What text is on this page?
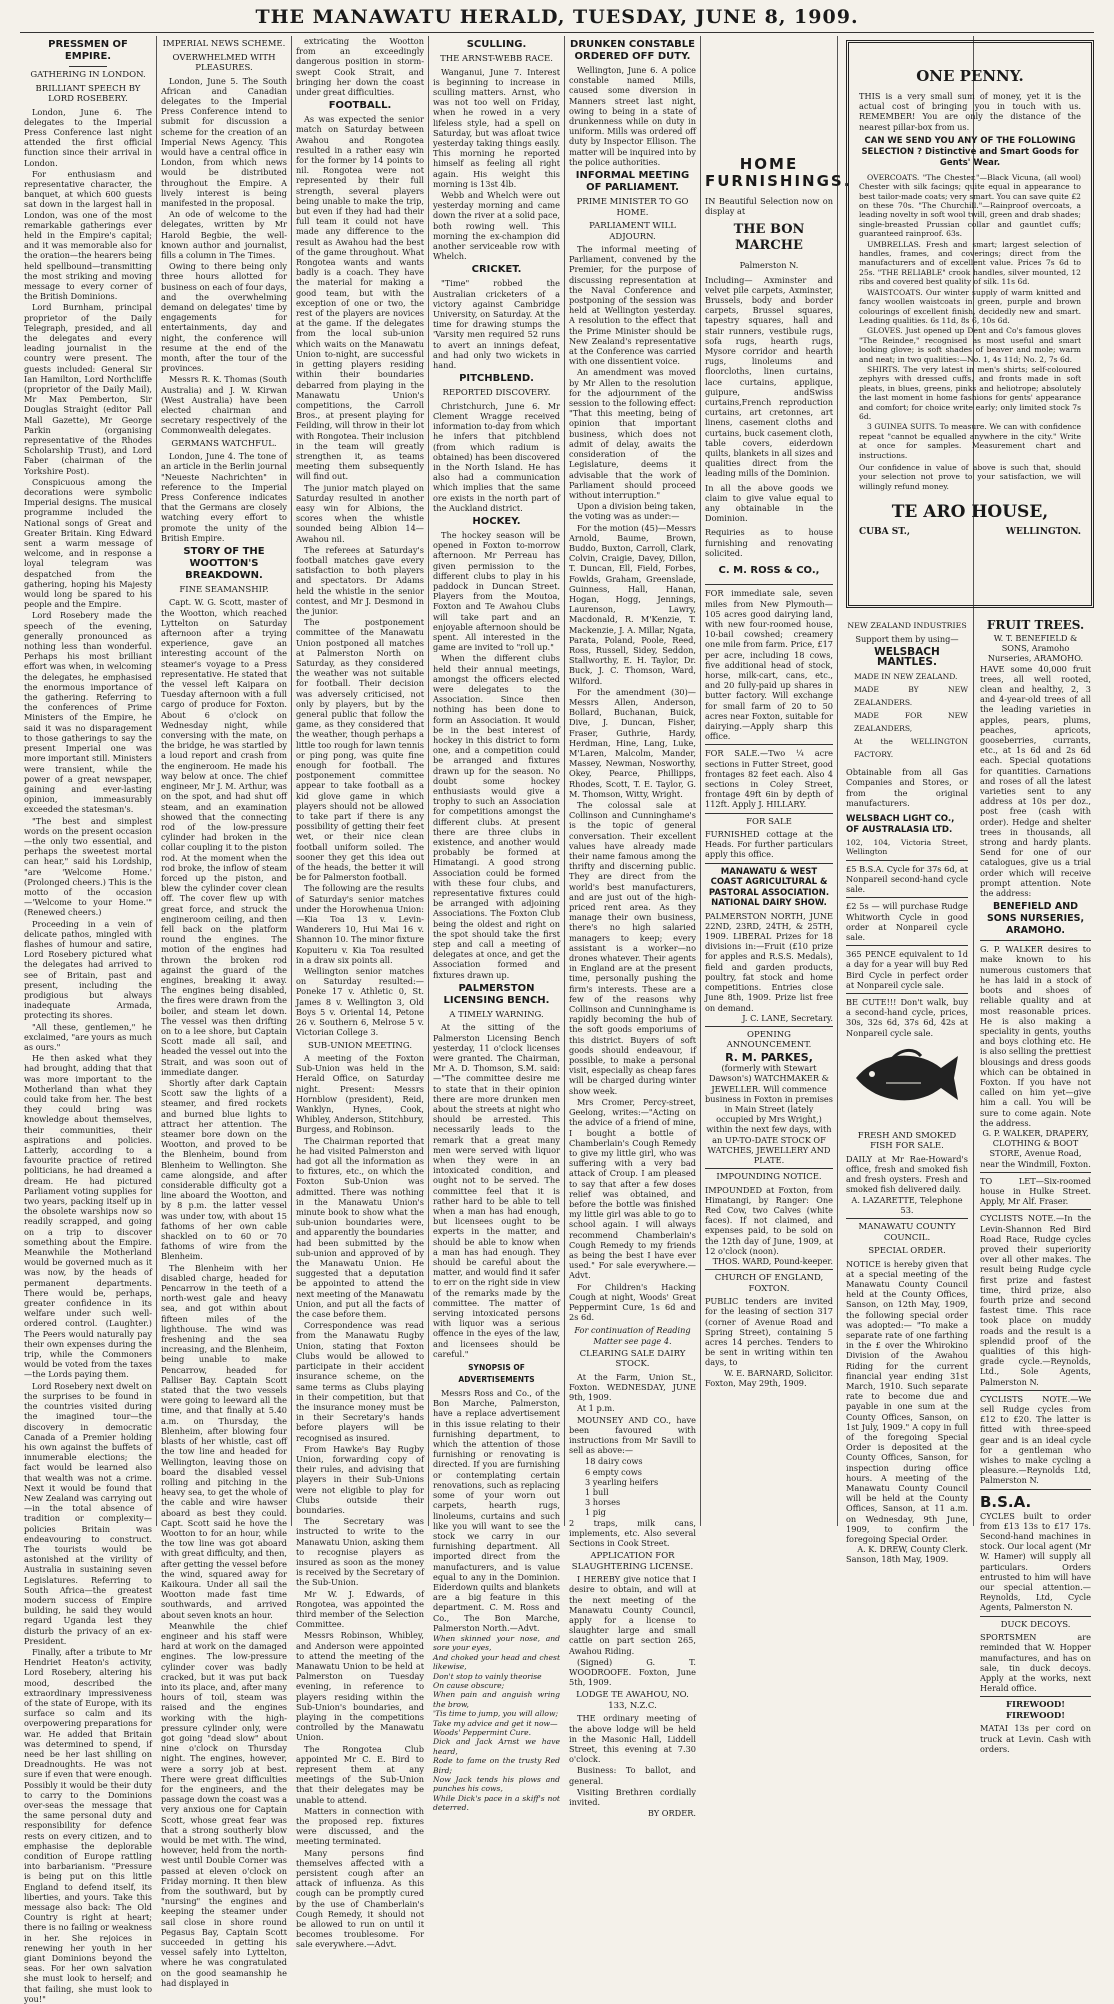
THE MANAWATU HERALD, TUESDAY, JUNE 8, 1909.
PRESSMEN OF EMPIRE.
GATHERING IN LONDON.
BRILLIANT SPEECH BY LORD ROSEBERY.

London, June 6. The delegates to the Imperial Press Conference last night attended the first official function since their arrival in London.

For enthusiasm and representative character, the banquet, at which 600 guests sat down in the largest hall in London, was one of the most remarkable gatherings ever held in the Empire's capital; and it was memorable also for the oration—the hearers being held spellbound—transmitting the most striking and moving message to every corner of the British Dominions.

Lord Burnham, principal proprietor of the Daily Telegraph, presided, and all the delegates and every leading journalist in the country were present. The guests included: General Sir Ian Hamilton, Lord Northcliffe (proprietor of the Daily Mail), Mr Max Pemberton, Sir Douglas Straight (editor Pall Mall Gazette), Mr George Parkin (organising representative of the Rhodes Scholarship Trust), and Lord Faber (chairman of the Yorkshire Post).

Conspicuous among the decorations were symbolic Imperial designs. The musical programme included the National songs of Great and Greater Britain. King Edward sent a warm message of welcome, and in response a loyal telegram was despatched from the gathering, hoping his Majesty would long be spared to his people and the Empire.

Lord Rosebery made the speech of the evening, generally pronounced as nothing less than wonderful. Perhaps his most brilliant effort was when, in welcoming the delegates, he emphasised the enormous importance of the gathering. Referring to the conferences of Prime Ministers of the Empire, he said it was no disparagement to those gatherings to say the present Imperial one was more important still. Ministers were transient, while the power of a great newspaper, gaining and ever-lasting opinion, immeasurably exceeded the statesman's.

"The best and simplest words on the present occasion—the only two essential, and perhaps the sweetest mortal can hear," said his Lordship, "are 'Welcome Home.' (Prolonged cheers.) This is the motto of the occasion—'Welcome to your Home.'" (Renewed cheers.)

Proceeding in a vein of delicate pathos, mingled with flashes of humour and satire, Lord Rosebery pictured what the delegates had arrived to see of Britain, past and present, including the prodigious but always inadequate Armada, protecting its shores.

"All these, gentlemen," he exclaimed, "are yours as much as ours."

He then asked what they had brought, adding that that was more important to the Motherland than what they could take from her. The best they could bring was knowledge about themselves, their communities, their aspirations and policies. Latterly, according to a favourite practice of retired politicians, he had dreamed a dream. He had pictured Parliament voting supplies for two years, packing itself up in the obsolete warships now so readily scrapped, and going on a trip to discover something about the Empire. Meanwhile the Motherland would be governed much as it was now, by the heads of permanent departments. There would be, perhaps, greater confidence in its welfare under such well-ordered control. (Laughter.) The Peers would naturally pay their own expenses during the trip, while the Commoners would be voted from the taxes—the Lords paying them.

Lord Rosebery next dwelt on the surprises to be found in the countries visited during the imagined tour—the discovery in democratic Canada of a Premier holding his own against the buffets of innumerable elections; the fact would be learned also that wealth was not a crime. Next it would be found that New Zealand was carrying out—in the total absence of tradition or complexity—policies Britain was endeavouring to construct. The tourists would be astonished at the virility of Australia in sustaining seven Legislatures. Referring to South Africa—the greatest modern success of Empire building, he said they would regard Uganda lest they disturb the privacy of an ex-President.

Finally, after a tribute to Mr Hendriet Heaton's activity, Lord Rosebery, altering his mood, described the extraordinary impressiveness of the state of Europe, with its surface so calm and its overpowering preparations for war. He added that Britain was determined to spend, if need be her last shilling on Dreadnoughts. He was not sure if even that were enough. Possibly it would be their duty to carry to the Dominions over-seas the message that the same personal duty and responsibility for defence rests on every citizen, and to emphasise the deplorable condition of Europe rattling into barbarianism. "Pressure is being put on this little England to defend itself, its liberties, and yours. Take this message also back: The Old Country is right at heart; there is no failing or weakness in her. She rejoices in renewing her youth in her giant Dominions beyond the seas. For her own salvation she must look to herself; and that failing, she must look to you!"

IMPERIAL NEWS SCHEME.
OVERWHELMED WITH PLEASURES.

London, June 5. The South African and Canadian delegates to the Imperial Press Conference intend to submit for discussion a scheme for the creation of an Imperial News Agency. This would have a central office in London, from which news would be distributed throughout the Empire. A lively interest is being manifested in the proposal.

An ode of welcome to the delegates, written by Mr Harold Begbie, the well-known author and journalist, fills a column in The Times.

Owing to there being only three hours allotted for business on each of four days, and the overwhelming demand on delegates' time by engagements for entertainments, day and night, the conference will resume at the end of the month, after the tour of the provinces.

Messrs R. K. Thomas (South Australia) and J. W. Kirwan (West Australia) have been elected chairman and secretary respectively of the Commonwealth delegates.

GERMANS WATCHFUL.

London, June 4. The tone of an article in the Berlin journal "Neueste Nachrichten" in reference to the Imperial Press Conference indicates that the Germans are closely watching every effort to promote the unity of the British Empire.

STORY OF THE WOOTTON'S BREAKDOWN.
FINE SEAMANSHIP.

Capt. W. G. Scott, master of the Wootton, which reached Lyttelton on Saturday afternoon after a trying experience, gave an interesting account of the steamer's voyage to a Press representative. He stated that the vessel left Kaipara on Tuesday afternoon with a full cargo of produce for Foxton. About 6 o'clock on Wednesday night, while conversing with the mate, on the bridge, he was startled by a loud report and crash from the engineroom. He made his way below at once. The chief engineer, Mr J. M. Arthur, was on the spot, and had shut off steam, and an examination showed that the connecting rod of the low-pressure cylinder had broken in the collar coupling it to the piston rod. At the moment when the rod broke, the inflow of steam forced up the piston, and blew the cylinder cover clean off. The cover flew up with great force, and struck the engineroom ceiling, and then fell back on the platform round the engines. The motion of the engines had thrown the broken rod against the guard of the engines, breaking it away. The engines being disabled, the fires were drawn from the boiler, and steam let down. The vessel was then drifting on to a lee shore, but Captain Scott made all sail, and headed the vessel out into the Strait, and was soon out of immediate danger.

Shortly after dark Captain Scott saw the lights of a steamer, and fired rockets and burned blue lights to attract her attention. The steamer bore down on the Wootton, and proved to be the Blenheim, bound from Blenheim to Wellington. She came alongside, and after considerable difficulty got a line aboard the Wootton, and by 8 p.m. the latter vessel was under tow, with about 15 fathoms of her own cable shackled on to 60 or 70 fathoms of wire from the Blenheim.

The Blenheim with her disabled charge, headed for Pencarrow in the teeth of a north-west gale and heavy sea, and got within about fifteen miles of the lighthouse. The wind was freshening and the sea increasing, and the Blenheim, being unable to make Pencarrow, headed for Palliser Bay. Captain Scott stated that the two vessels were going to leeward all the time, and that finally at 5.40 a.m. on Thursday, the Blenheim, after blowing four blasts of her whistle, cast off the tow line and headed for Wellington, leaving those on board the disabled vessel rolling and pitching in the heavy sea, to get the whole of the cable and wire hawser aboard as best they could. Capt. Scott said he hove the Wootton to for an hour, while the tow line was got aboard with great difficulty, and then, after getting the vessel before the wind, squared away for Kaikoura. Under all sail the Wootton made fast time southwards, and arrived about seven knots an hour.

Meanwhile the chief engineer and his staff were hard at work on the damaged engines. The low-pressure cylinder cover was badly cracked, but it was put back into its place, and, after many hours of toil, steam was raised and the engines working with the high-pressure cylinder only, were got going "dead slow" about nine o'clock on Thursday night. The engines, however, were a sorry job at best. There were great difficulties for the engineers, and the passage down the coast was a very anxious one for Captain Scott, whose great fear was that a strong southerly blow would be met with. The wind, however, held from the north-west until Double Corner was passed at eleven o'clock on Friday morning. It then blew from the southward, but by "nursing" the engines and keeping the steamer under sail close in shore round Pegasus Bay, Captain Scott succeeded in getting his vessel safely into Lyttelton, where he was congratulated on the good seamanship he had displayed in

extricating the Wootton from an exceedingly dangerous position in storm-swept Cook Strait, and bringing her down the coast under great difficulties.

FOOTBALL.

As was expected the senior match on Saturday between Awahou and Rongotea resulted in a rather easy win for the former by 14 points to nil. Rongotea were not represented by their full strength, several players being unable to make the trip, but even if they had had their full team it could not have made any difference to the result as Awahou had the best of the game throughout. What Rongotea wants and wants badly is a coach. They have the material for making a good team, but with the exception of one or two, the rest of the players are novices at the game. If the delegates from the local sub-union which waits on the Manawatu Union to-night, are successful in getting players residing within their boundaries debarred from playing in the Manawatu Union's competitions, the Carroll Bros., at present playing for Feilding, will throw in their lot with Rongotea. Their inclusion in the team will greatly strengthen it, as teams meeting them subsequently will find out.

The junior match played on Saturday resulted in another easy win for Albions, the scores when the whistle sounded being Albion 14—Awahou nil.

The referees at Saturday's football matches gave every satisfaction to both players and spectators. Dr Adams held the whistle in the senior contest, and Mr J. Desmond in the junior.

The postponement committee of the Manawatu Union postponed all matches at Palmerston North on Saturday, as they considered the weather was not suitable for football. Their decision was adversely criticised, not only by players, but by the general public that follow the game, as they considered that the weather, though perhaps a little too rough for lawn tennis or ping pong, was quite fine enough for football. The postponement committee appear to take football as a kid glove game in which players should not be allowed to take part if there is any possibility of getting their feet wet, or their nice clean football uniform soiled. The sooner they get this idea out of the heads, the better it will be for Palmerston football.

The following are the results of Saturday's senior matches under the Horowhenua Union:—Kia Toa 13 v. Levin-Wanderers 10, Hui Mai 16 v. Shannon 10. The minor fixture Kopuiteru v. Kia Toa resulted in a draw six points all.

Wellington senior matches on Saturday resulted:—Poneke 17 v. Athletic 0, St. James 8 v. Wellington 3, Old Boys 5 v. Oriental 14, Petone 26 v. Southern 6, Melrose 5 v. Victorian College 3.

SUB-UNION MEETING.

A meeting of the Foxton Sub-Union was held in the Herald Office, on Saturday night. Present: Messrs Hornblow (president), Reid, Wanklyn, Hynes, Cook, Whibley, Anderson, Stitchbury, Burgess, and Robinson.

The Chairman reported that he had visited Palmerston and had got all the information as to fixtures, etc., on which the Foxton Sub-Union was admitted. There was nothing in the Manawatu Union's minute book to show what the sub-union boundaries were, and apparently the boundaries had been submitted by the sub-union and approved of by the Manawatu Union. He suggested that a deputation be appointed to attend the next meeting of the Manawatu Union, and put all the facts of the case before them.

Correspondence was read from the Manawatu Rugby Union, stating that Foxton Clubs would be allowed to participate in their accident insurance scheme, on the same terms as Clubs playing in their competition, but that the insurance money must be in their Secretary's hands before players will be recognised as insured.

From Hawke's Bay Rugby Union, forwarding copy of their rules, and advising that players in their Sub-Unions were not eligible to play for Clubs outside their boundaries.

The Secretary was instructed to write to the Manawatu Union, asking them to recognise players as insured as soon as the money is received by the Secretary of the Sub-Union.

Mr W. J. Edwards, of Rongotea, was appointed the third member of the Selection Committee.

Messrs Robinson, Whibley, and Anderson were appointed to attend the meeting of the Manawatu Union to be held at Palmerston on Tuesday evening, in reference to players residing within the Sub-Union's boundaries, and playing in the competitions controlled by the Manawatu Union.

The Rongotea Club appointed Mr C. E. Bird to represent them at any meetings of the Sub-Union that their delegates may be unable to attend.

Matters in connection with the proposed rep. fixtures were discussed, and the meeting terminated.

Many persons find themselves affected with a persistent cough after an attack of influenza. As this cough can be promptly cured by the use of Chamberlain's Cough Remedy, it should not be allowed to run on until it becomes troublesome. For sale everywhere.—Advt.

SCULLING.
THE ARNST-WEBB RACE.

Wanganui, June 7. Interest is beginning to increase in sculling matters. Arnst, who was not too well on Friday, when he rowed in a very lifeless style, had a spell on Saturday, but was afloat twice yesterday taking things easily. This morning he reported himself as feeling all right again. His weight this morning is 13st 4lb.

Webb and Whelch were out yesterday morning and came down the river at a solid pace, both rowing well. This morning the ex-champion did another serviceable row with Whelch.

CRICKET.

"Time" robbed the Australian cricketers of a victory against Cambridge University, on Saturday. At the time for drawing stumps the 'Varsity men required 52 runs to avert an innings defeat, and had only two wickets in hand.

PITCHBLEND.
REPORTED DISCOVERY.

Christchurch, June 6. Mr Clement Wragge received information to-day from which he infers that pitchblend (from which radium is obtained) has been discovered in the North Island. He has also had a communication which implies that the same ore exists in the north part of the Auckland district.

HOCKEY.

The hockey season will be opened in Foxton to-morrow afternoon. Mr Perreau has given permission to the different clubs to play in his paddock in Duncan Street. Players from the Moutoa, Foxton and Te Awahou Clubs will take part and an enjoyable afternoon should be spent. All interested in the game are invited to "roll up."

When the different clubs held their annual meetings, amongst the officers elected were delegates to the Association. Since then nothing has been done to form an Association. It would be in the best interest of hockey in this district to form one, and a competition could be arranged and fixtures drawn up for the season. No doubt some hockey enthusiasts would give a trophy to such an Association for competitions amongst the different clubs. At present there are three clubs in existence, and another would probably be formed at Himatangi. A good strong Association could be formed with these four clubs, and representative fixtures could be arranged with adjoining Associations. The Foxton Club being the oldest and right on the spot should take the first step and call a meeting of delegates at once, and get the Association formed and fixtures drawn up.

PALMERSTON LICENSING BENCH.
A TIMELY WARNING.

At the sitting of the Palmerston Licensing Bench yesterday, 11 o'clock licenses were granted. The Chairman, Mr A. D. Thomson, S.M. said:—"The committee desire me to state that in their opinion there are more drunken men about the streets at night who should be arrested. This necessarily leads to the remark that a great many men were served with liquor when they were in an intoxicated condition, and ought not to be served. The committee feel that it is rather hard to be able to tell when a man has had enough, but licensees ought to be experts in the matter, and should be able to know when a man has had enough. They should be careful about the matter, and would find it safer to err on the right side in view of the remarks made by the committee. The matter of serving intoxicated persons with liquor was a serious offence in the eyes of the law, and licensees should be careful."

SYNOPSIS OF ADVERTISEMENTS

Messrs Ross and Co., of the Bon Marche, Palmerston, have a replace advertisement in this issue relating to their furnishing department, to which the attention of those furnishing or renovating is directed. If you are furnishing or contemplating certain renovations, such as replacing some of your worn out carpets, hearth rugs, linoleums, curtains and such like you will want to see the stock we carry in our furnishing department. All imported direct from the manufacturers, and is value equal to any in the Dominion. Eiderdown quilts and blankets are a big feature in this department. C. M. Ross and Co., The Bon Marche, Palmerston North.—Advt.

When skinned your nose, and sore your eyes,
And choked your head and chest likewise,
Don't stop to vainly theorise
On cause obscure;
When pain and anguish wring the brow,
'Tis time to jump, you will allow;
Take my advice and get it now—
Woods' Peppermint Cure.
Dick and Jack Arnst we have heard,
Rode to fame on the trusty Red Bird;
Now Jack tends his plows and punches his cows,
While Dick's pace in a skiff's not deterred.
DRUNKEN CONSTABLE ORDERED OFF DUTY.

Wellington, June 6. A police constable named Mills, caused some diversion in Manners street last night, owing to being in a state of drunkenness while on duty in uniform. Mills was ordered off duty by Inspector Ellison. The matter will be inquired into by the police authorities.

INFORMAL MEETING OF PARLIAMENT.
PRIME MINISTER TO GO HOME.
PARLIAMENT WILL ADJOURN.

The informal meeting of Parliament, convened by the Premier, for the purpose of discussing representation at the Naval Conference and postponing of the session was held at Wellington yesterday. A resolution to the effect that the Prime Minister should be New Zealand's representative at the Conference was carried with one dissentient voice.

An amendment was moved by Mr Allen to the resolution for the adjournment of the session to the following effect: "That this meeting, being of opinion that important business, which does not admit of delay, awaits the consideration of the Legislature, deems it advisable that the work of Parliament should proceed without interruption."

Upon a division being taken, the voting was as under:—

For the motion (45)—Messrs Arnold, Baume, Brown, Buddo, Buxton, Carroll, Clark, Colvin, Craigie, Davey, Dillon, T. Duncan, Ell, Field, Forbes, Fowlds, Graham, Greenslade, Guinness, Hall, Hanan, Hogan, Hogg, Jennings, Laurenson, Lawry, Macdonald, R. M'Kenzie, T. Mackenzie, J. A. Millar, Ngata, Parata, Poland, Poole, Reed, Ross, Russell, Sidey, Seddon, Stallworthy, E. H. Taylor, Dr. Buck, J. C. Thomson, Ward, Wilford.

For the amendment (30)—Messrs Allen, Anderson, Bollard, Buchanan, Buick, Dive, J. Duncan, Fisher, Fraser, Guthrie, Hardy, Herdman, Hine, Lang, Luke, M'Laren, Malcolm, Mander, Massey, Newman, Nosworthy, Okey, Pearce, Phillipps, Rhodes, Scott, T. E. Taylor, G. M. Thomson, Witty, Wright.

The colossal sale at Collinson and Cunninghame's is the topic of general conversation. Their excellent values have already made their name famous among the thrifty and discerning public. They are direct from the world's best manufacturers, and are just out of the high-priced rent area. As they manage their own business, there's no high salaried managers to keep; every assistant is a worker—no drones whatever. Their agents in England are at the present time, personally pushing the firm's interests. These are a few of the reasons why Collinson and Cunninghame is rapidly becoming the hub of the soft goods emporiums of this district. Buyers of soft goods should endeavour, if possible, to make a personal visit, especially as cheap fares will be charged during winter show week.

Mrs Cromer, Percy-street, Geelong, writes:—"Acting on the advice of a friend of mine, I bought a bottle of Chamberlain's Cough Remedy to give my little girl, who was suffering with a very bad attack of Croup. I am pleased to say that after a few doses relief was obtained, and before the bottle was finished my little girl was able to go to school again. I will always recommend Chamberlain's Cough Remedy to my friends as being the best I have ever used." For sale everywhere.—Advt.

For Children's Hacking Cough at night, Woods' Great Peppermint Cure, 1s 6d and 2s 6d.

For continuation of Reading Matter see page 4.
CLEARING SALE DAIRY STOCK.

At the Farm, Union St., Foxton. WEDNESDAY, JUNE 9th, 1909.

At 1 p.m.

MOUNSEY AND CO., have been favoured with instructions from Mr Savill to sell as above:—

18 dairy cows
6 empty cows
3 yearling heifers
1 bull
3 horses
1 pig
2 traps, milk cans, implements, etc. Also several Sections in Cook Street.
APPLICATION FOR SLAUGHTERING LICENSE.

I HEREBY give notice that I desire to obtain, and will at the next meeting of the Manawatu County Council, apply for a license to slaughter large and small cattle on part section 265, Awahou Riding.

(Signed) G. T. WOODROOFE. Foxton, June 5th, 1909.

LODGE TE AWAHOU, NO. 133, N.Z.C.

THE ordinary meeting of the above lodge will be held in the Masonic Hall, Liddell Street, this evening at 7.30 o'clock.

Business: To ballot, and general.

Visiting Brethren cordially invited.

BY ORDER.
HOME FURNISHINGS.
IN Beautiful Selection now on display at
THE BON MARCHE
Palmerston N.
Including— Axminster and velvet pile carpets, Axminster, Brussels, body and border carpets, Brussel squares, tapestry squares, hall and stair runners, vestibule rugs, sofa rugs, hearth rugs, Mysore corridor and hearth rugs, linoleums and floorcloths, linen curtains, lace curtains, applique, guipure, andSwiss curtains,French reproduction curtains, art cretonnes, art linens, casement cloths and curtains, buck casement cloth, table covers, eiderdown quilts, blankets in all sizes and qualities direct from the leading mills of the Dominion.
In all the above goods we claim to give value equal to any obtainable in the Dominion.
Requiries as to house furnishing and renovating solicited.
C. M. ROSS & CO.,
FOR immediate sale, seven miles from New Plymouth—105 acres good dairying land, with new four-roomed house, 10-bail cowshed; creamery one mile from farm. Price, £17 per acre, including 18 cows, five additional head of stock, horse, milk-cart, cans, etc., and 20 fully-paid up shares in butter factory. Will exchange for small farm of 20 to 50 acres near Foxton, suitable for dairying.—Apply sharp this office.
FOR SALE.—Two ¼ acre sections in Futter Street, good frontages 82 feet each. Also 4 sections in Coley Street, frontage 49ft 6in by depth of 112ft. Apply J. HILLARY.
FOR SALE
FURNISHED cottage at the Heads. For further particulars apply this office.
MANAWATU & WEST COAST AGRICULTURAL & PASTORAL ASSOCIATION. NATIONAL DAIRY SHOW.
PALMERSTON NORTH, JUNE 22ND, 23RD, 24TH, & 25TH, 1909. LIBERAL Prizes for 18 divisions in:—Fruit (£10 prize for apples and R.S.S. Medals), field and garden products, poultry, fat stock and home competitions. Entries close June 8th, 1909. Prize list free on demand.
J. C. LANE, Secretary.
OPENING ANNOUNCEMENT.
R. M. PARKES,
(formerly with Stewart Dawson's) WATCHMAKER & JEWELLER. Will commence business in Foxton in premises in Main Street (lately occupied by Mrs Wright,) within the next few days, with an UP-TO-DATE STOCK OF WATCHES, JEWELLERY AND PLATE.
IMPOUNDING NOTICE.
IMPOUNDED at Foxton, from Himatangi, by Ranger: One Red Cow, two Calves (white faces). If not claimed, and expenses paid, to be sold on the 12th day of June, 1909, at 12 o'clock (noon).
THOS. WARD, Pound-keeper.
CHURCH OF ENGLAND, FOXTON.
PUBLIC tenders are invited for the leasing of section 317 (corner of Avenue Road and Spring Street), containing 5 acres 14 perches. Tenders to be sent in writing within ten days, to
W. E. BARNARD, Solicitor.
Foxton, May 29th, 1909.
ONE PENNY.
THIS is a very small sum of money, yet it is the actual cost of bringing you in touch with us. REMEMBER! You are only the distance of the nearest pillar-box from us.
CAN WE SEND YOU ANY OF THE FOLLOWING SELECTION ? Distinctive and Smart Goods for Gents' Wear.

OVERCOATS. "The Chester."—Black Vicuna, (all wool) Chester with silk facings; quite equal in appearance to best tailor-made coats; very smart. You can save quite £2 on these 70s. "The Churchill."—Rainproof overcoats, a leading novelty in soft wool twill, green and drab shades; single-breasted Prussian collar and gauntlet cuffs; guaranteed rainproof. 63s.

UMBRELLAS. Fresh and smart; largest selection of handles, frames, and coverings; direct from the manufacturers and of excellent value. Prices 7s 6d to 25s. "THE RELIABLE" crook handles, silver mounted, 12 ribs and covered best quality of silk. 11s 6d.

WAISTCOATS. Our winter supply of warm knitted and fancy woollen waistcoats in green, purple and brown colourings of excellent finish, decidedly new and smart. Leading qualities. 6s 11d, 8s 6, 10s 6d.

GLOVES. Just opened up Dent and Co's famous gloves "The Reindee," recognised as most useful and smart looking glove; is soft shades of beaver and mole; warm and neat; in two qualities:—No. 1, 4s 11d; No. 2, 7s 6d.

SHIRTS. The very latest in men's shirts; self-coloured zephyrs with dressed cuffs, and fronts made in soft pleats, in blues, greens, pinks and heliotrope; absolutely the last moment in home fashions for gents' appearance and comfort; for choice write early; only limited stock 7s 6d.

3 GUINEA SUITS. To measure. We can with confidence repeat "cannot be equalled anywhere in the city." Write at once for samples. Measurement chart and instructions.

Our confidence in value of above is such that, should your selection not prove to your satisfaction, we will willingly refund money.
TE ARO HOUSE,
CUBA ST.,	WELLINGTON.
NEW ZEALAND INDUSTRIES
Support them by using—
WELSBACH MANTLES.
MADE IN NEW ZEALAND.
MADE BY NEW ZEALANDERS.
MADE FOR NEW ZEALANDERS,
At the WELLINGTON FACTORY.
Obtainable from all Gas Companies and Stores, or from the original manufacturers.
WELSBACH LIGHT CO., OF AUSTRALASIA LTD.
102, 104, Victoria Street, Wellington
£5 B.S.A. Cycle for 37s 6d, at Nonpareil second-hand cycle sale.
£2 5s — will purchase Rudge Whitworth Cycle in good order at Nonpareil cycle sale.
365 PENCE equivalent to 1d a day for a year will buy Red Bird Cycle in perfect order at Nonpareil cycle sale.
BE CUTE!!! Don't walk, buy a second-hand cycle, prices, 30s, 32s 6d, 37s 6d, 42s at Nonpareil cycle sale.
FRESH AND SMOKED FISH FOR SALE.
DAILY at Mr Rae-Howard's office, fresh and smoked fish and fresh oysters. Fresh and smoked fish delivered daily.
A. LAZARETTE, Telephone 53.
MANAWATU COUNTY COUNCIL.
SPECIAL ORDER.
NOTICE is hereby given that at a special meeting of the Manawatu County Council held at the County Offices, Sanson, on 12th May, 1909, the following special order was adopted:— "To make a separate rate of one farthing in the £ over the Whirokino Division of the Awahou Riding for the current financial year ending 31st March, 1910. Such separate rate to become due and payable in one sum at the County Offices, Sanson, on 1st July, 1909." A copy in full of the foregoing Special Order is deposited at the County Offices, Sanson, for inspection during office hours. A meeting of the Manawatu County Council will be held at the County Offices, Sanson, at 11 a.m. on Wednesday, 9th June, 1909, to confirm the foregoing Special Order.
A. K. DREW, County Clerk.
Sanson, 18th May, 1909.
FRUIT TREES.
W. T. BENEFIELD & SONS, Aramoho Nurseries, ARAMOHO.
HAVE some 40,000 fruit trees, all well rooted, clean and healthy, 2, 3 and 4-year-old trees of all the leading varieties in apples, pears, plums, peaches, apricots, gooseberries, currants, etc., at 1s 6d and 2s 6d each. Special quotations for quantities. Carnations and roses of all the latest varieties sent to any address at 10s per doz., post free (cash with order). Hedge and shelter trees in thousands, all strong and hardy plants. Send for one of our catalogues, give us a trial order which will receive prompt attention. Note the address:
BENEFIELD AND SONS NURSERIES, ARAMOHO.
G. P. WALKER desires to make known to his numerous customers that he has laid in a stock of boots and shoes of reliable quality and at most reasonable prices. He is also making a speciality in gents, youths and boys clothing etc. He is also selling the prettiest blousings and dress goods which can be obtained in Foxton. If you have not called on him yet—give him a call. You will be sure to come again. Note the address.
G. P. WALKER, DRAPERY, CLOTHING & BOOT STORE, Avenue Road, near the Windmill, Foxton.
TO LET—Six-roomed house in Hulke Street. Apply, Mr Alf. Fraser.
CYCLISTS NOTE.—In the Levin-Shannon Red Bird Road Race, Rudge cycles proved their superiority over all other makes. The result being Rudge cycle first prize and fastest time, third prize, also fourth prize and second fastest time. This race took place on muddy roads and the result is a splendid proof of the qualities of this high-grade cycle.—Reynolds, Ltd., Sole Agents, Palmerston N.
CYCLISTS NOTE.—We sell Rudge cycles from £12 to £20. The latter is fitted with three-speed gear and is an ideal cycle for a gentleman who wishes to make cycling a pleasure.—Reynolds Ltd, Palmerston N.
B.S.A.
CYCLES built to order from £13 13s to £17 17s. Second-hand machines in stock. Our local agent (Mr W. Hamer) will supply all particulars. Orders entrusted to him will have our special attention.—Reynolds, Ltd, Cycle Agents, Palmerston N.
DUCK DECOYS.
SPORTSMEN are reminded that W. Hopper manufactures, and has on sale, tin duck decoys. Apply at the works, next Herald office.
FIREWOOD! FIREWOOD!
MATAI 13s per cord on truck at Levin. Cash with orders.
